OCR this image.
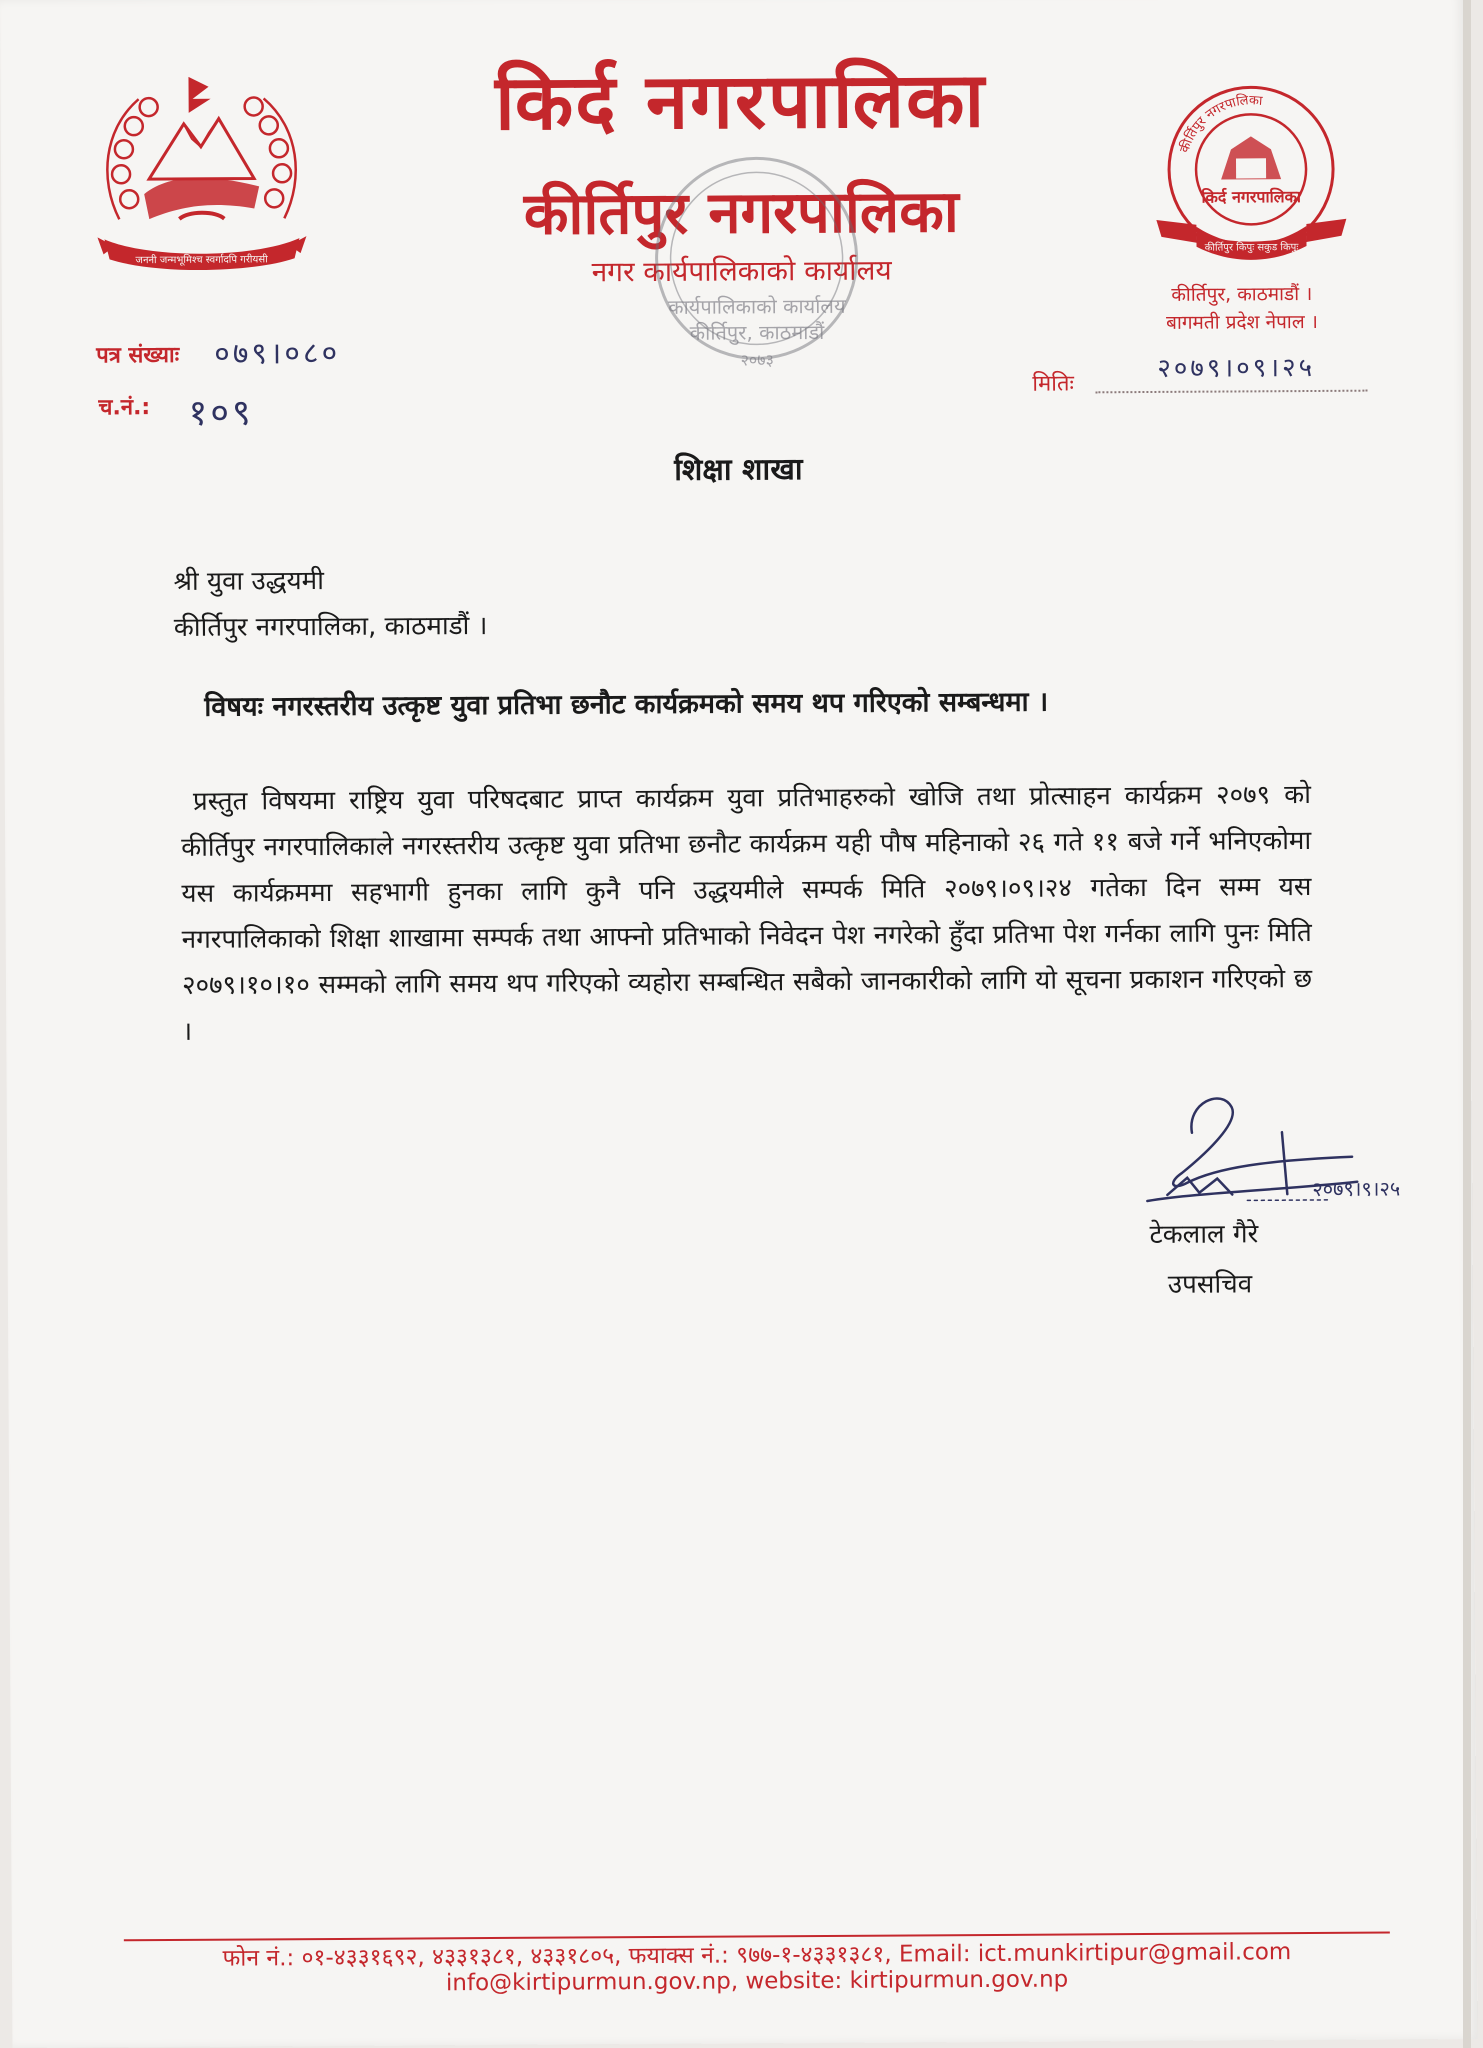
जननी जन्मभूमिश्च स्वर्गादपि गरीयसी
किर्द नगरपालिका
कीर्तिपुर नगरपालिका
नगर कार्यपालिकाको कार्यालय
कार्यपालिकाको कार्यालय
कीर्तिपुर, काठमाडौं
२०७३
कीर्तिपुर नगरपालिका
किर्द नगरपालिका
कीर्तिपुर किपुः सकुड किपुः
कीर्तिपुर, काठमाडौं ।
बागमती प्रदेश नेपाल ।
पत्र संख्याः ०७९।०८०
च.नं.: १०९
मितिः
२०७९।०९।२५
शिक्षा शाखा
श्री युवा उद्धयमी
कीर्तिपुर नगरपालिका, काठमाडौं ।
विषयः नगरस्तरीय उत्कृष्ट युवा प्रतिभा छनौट कार्यक्रमको समय थप गरिएको सम्बन्धमा ।
प्रस्तुत विषयमा राष्ट्रिय युवा परिषदबाट प्राप्त कार्यक्रम युवा प्रतिभाहरुको खोजि तथा प्रोत्साहन कार्यक्रम २०७९ को कीर्तिपुर नगरपालिकाले नगरस्तरीय उत्कृष्ट युवा प्रतिभा छनौट कार्यक्रम यही पौष महिनाको २६ गते ११ बजे गर्ने भनिएकोमा यस कार्यक्रममा सहभागी हुनका लागि कुनै पनि उद्धयमीले सम्पर्क मिति २०७९।०९।२४ गतेका दिन सम्म यस नगरपालिकाको शिक्षा शाखामा सम्पर्क तथा आफ्नो प्रतिभाको निवेदन पेश नगरेको हुँदा प्रतिभा पेश गर्नका लागि पुनः मिति २०७९।१०।१० सम्मको लागि समय थप गरिएको व्यहोरा सम्बन्धित सबैको जानकारीको लागि यो सूचना प्रकाशन गरिएको छ ।
२०७९।९।२५
टेकलाल गैरे
उपसचिव
फोन नं.: ०१-४३३१६९२, ४३३१३८१, ४३३१८०५, फयाक्स नं.: ९७७-१-४३३१३८१, Email: ict.munkirtipur@gmail.com
info@kirtipurmun.gov.np, website: kirtipurmun.gov.np
